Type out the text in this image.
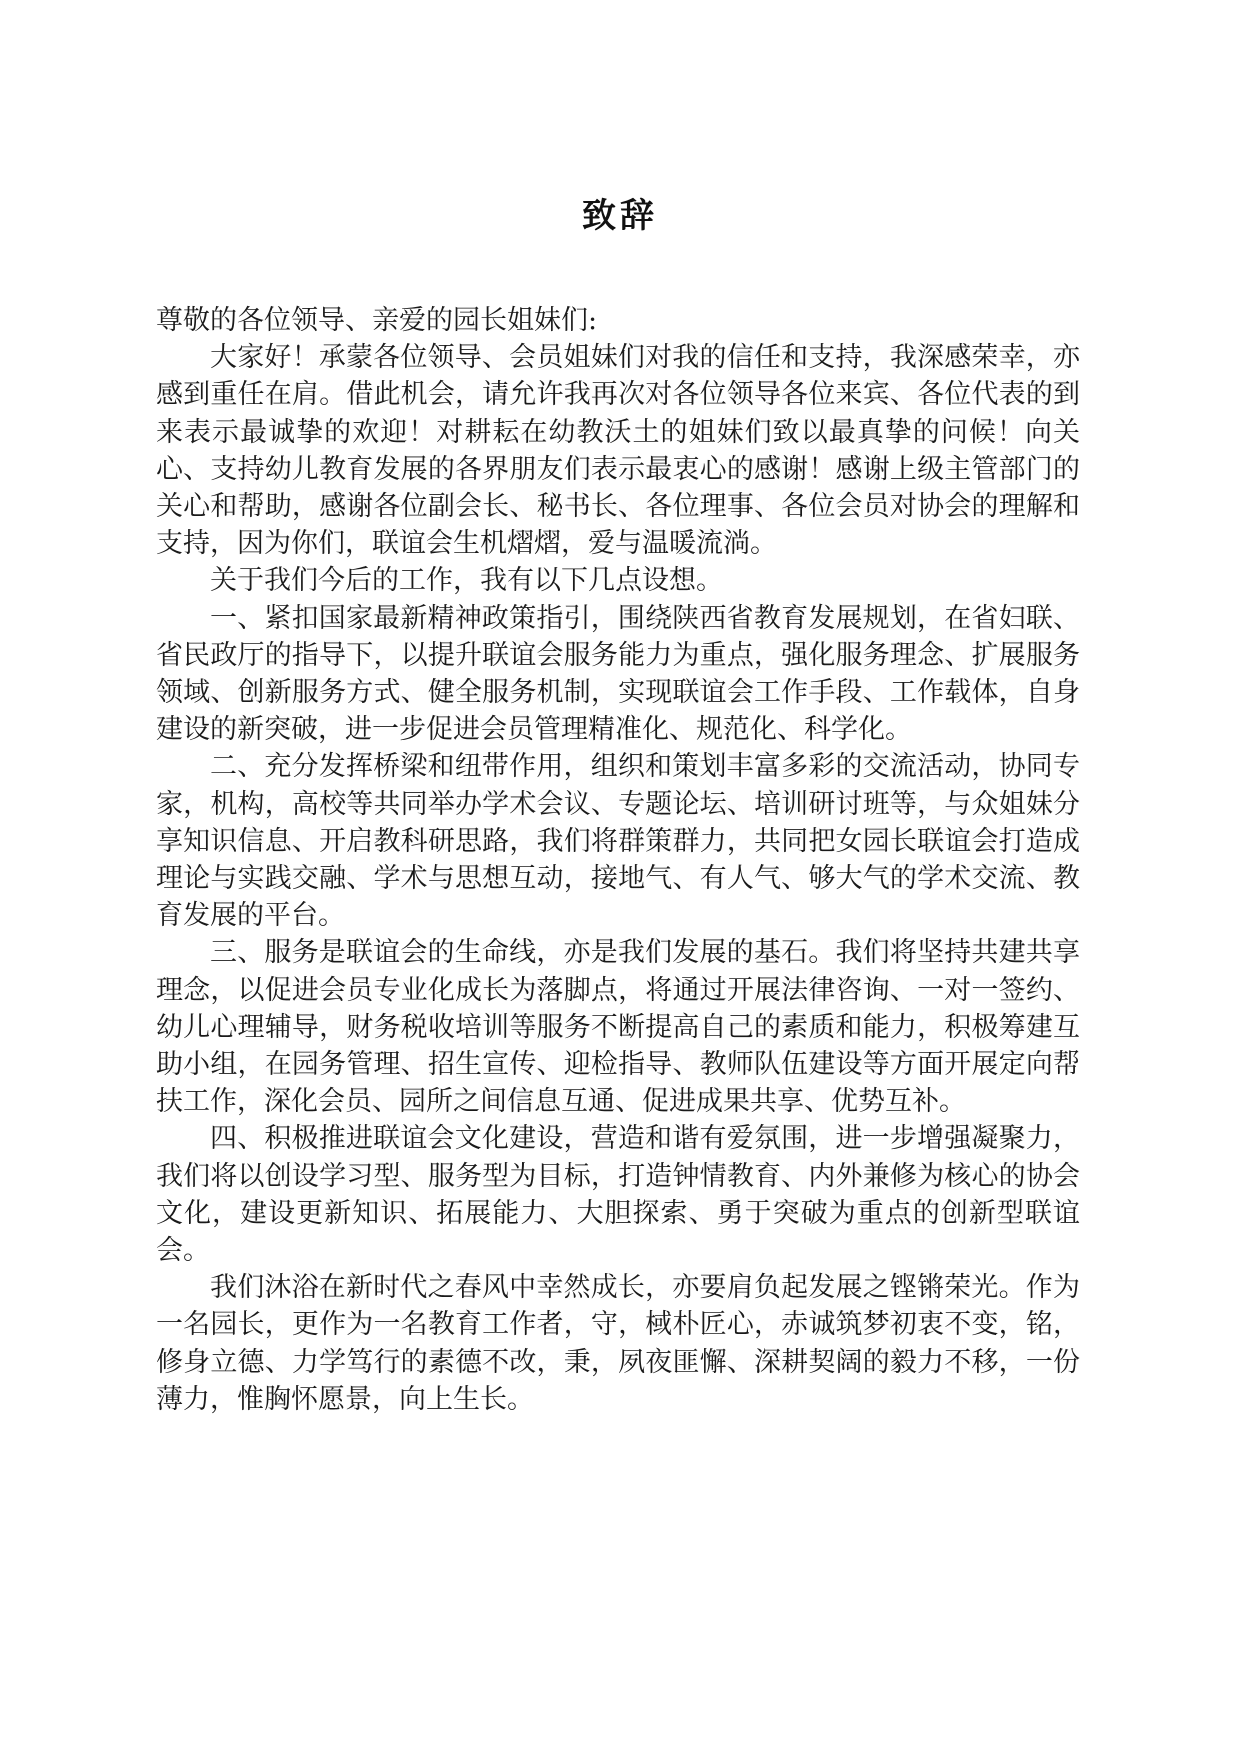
致辞

尊敬的各位领导、亲爱的园长姐妹们:

大家好！承蒙各位领导、会员姐妹们对我的信任和支持，我深感荣幸，亦感到重任在肩。借此机会，请允许我再次对各位领导各位来宾、各位代表的到来表示最诚挚的欢迎！对耕耘在幼教沃土的姐妹们致以最真挚的问候！向关心、支持幼儿教育发展的各界朋友们表示最衷心的感谢！感谢上级主管部门的关心和帮助，感谢各位副会长、秘书长、各位理事、各位会员对协会的理解和支持，因为你们，联谊会生机熠熠，爱与温暖流淌。

关于我们今后的工作，我有以下几点设想。

一、紧扣国家最新精神政策指引，围绕陕西省教育发展规划，在省妇联、省民政厅的指导下，以提升联谊会服务能力为重点，强化服务理念、扩展服务领域、创新服务方式、健全服务机制，实现联谊会工作手段、工作载体，自身建设的新突破，进一步促进会员管理精准化、规范化、科学化。

二、充分发挥桥梁和纽带作用，组织和策划丰富多彩的交流活动，协同专家，机构，高校等共同举办学术会议、专题论坛、培训研讨班等，与众姐妹分享知识信息、开启教科研思路，我们将群策群力，共同把女园长联谊会打造成理论与实践交融、学术与思想互动，接地气、有人气、够大气的学术交流、教育发展的平台。

三、服务是联谊会的生命线，亦是我们发展的基石。我们将坚持共建共享理念，以促进会员专业化成长为落脚点，将通过开展法律咨询、一对一签约、幼儿心理辅导，财务税收培训等服务不断提高自己的素质和能力，积极筹建互助小组，在园务管理、招生宣传、迎检指导、教师队伍建设等方面开展定向帮扶工作，深化会员、园所之间信息互通、促进成果共享、优势互补。

四、积极推进联谊会文化建设，营造和谐有爱氛围，进一步增强凝聚力，我们将以创设学习型、服务型为目标，打造钟情教育、内外兼修为核心的协会文化，建设更新知识、拓展能力、大胆探索、勇于突破为重点的创新型联谊会。

我们沐浴在新时代之春风中幸然成长，亦要肩负起发展之铿锵荣光。作为一名园长，更作为一名教育工作者，守，棫朴匠心，赤诚筑梦初衷不变，铭，修身立德、力学笃行的素德不改，秉，夙夜匪懈、深耕契阔的毅力不移，一份薄力，惟胸怀愿景，向上生长。
